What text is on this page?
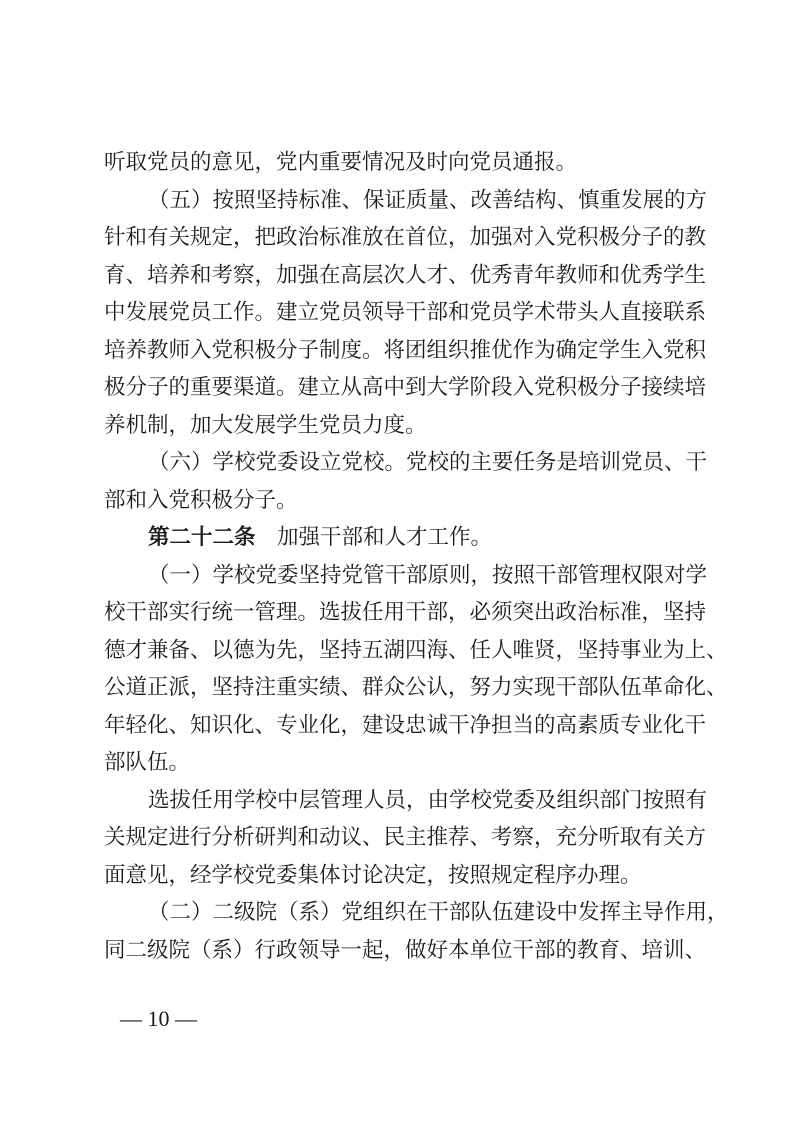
听取党员的意见，党内重要情况及时向党员通报。
（五）按照坚持标准、保证质量、改善结构、慎重发展的方
针和有关规定，把政治标准放在首位，加强对入党积极分子的教
育、培养和考察，加强在高层次人才、优秀青年教师和优秀学生
中发展党员工作。建立党员领导干部和党员学术带头人直接联系
培养教师入党积极分子制度。将团组织推优作为确定学生入党积
极分子的重要渠道。建立从高中到大学阶段入党积极分子接续培
养机制，加大发展学生党员力度。
（六）学校党委设立党校。党校的主要任务是培训党员、干
部和入党积极分子。
第二十二条　 加强干部和人才工作。
（一）学校党委坚持党管干部原则，按照干部管理权限对学
校干部实行统一管理。选拔任用干部，必须突出政治标准，坚持
德才兼备、以德为先，坚持五湖四海、任人唯贤，坚持事业为上、
公道正派，坚持注重实绩、群众公认，努力实现干部队伍革命化、
年轻化、知识化、专业化，建设忠诚干净担当的高素质专业化干
部队伍。
选拔任用学校中层管理人员，由学校党委及组织部门按照有
关规定进行分析研判和动议、民主推荐、考察，充分听取有关方
面意见，经学校党委集体讨论决定，按照规定程序办理。
（二）二级院（系）党组织在干部队伍建设中发挥主导作用，
同二级院（系）行政领导一起，做好本单位干部的教育、培训、
— 10 —
